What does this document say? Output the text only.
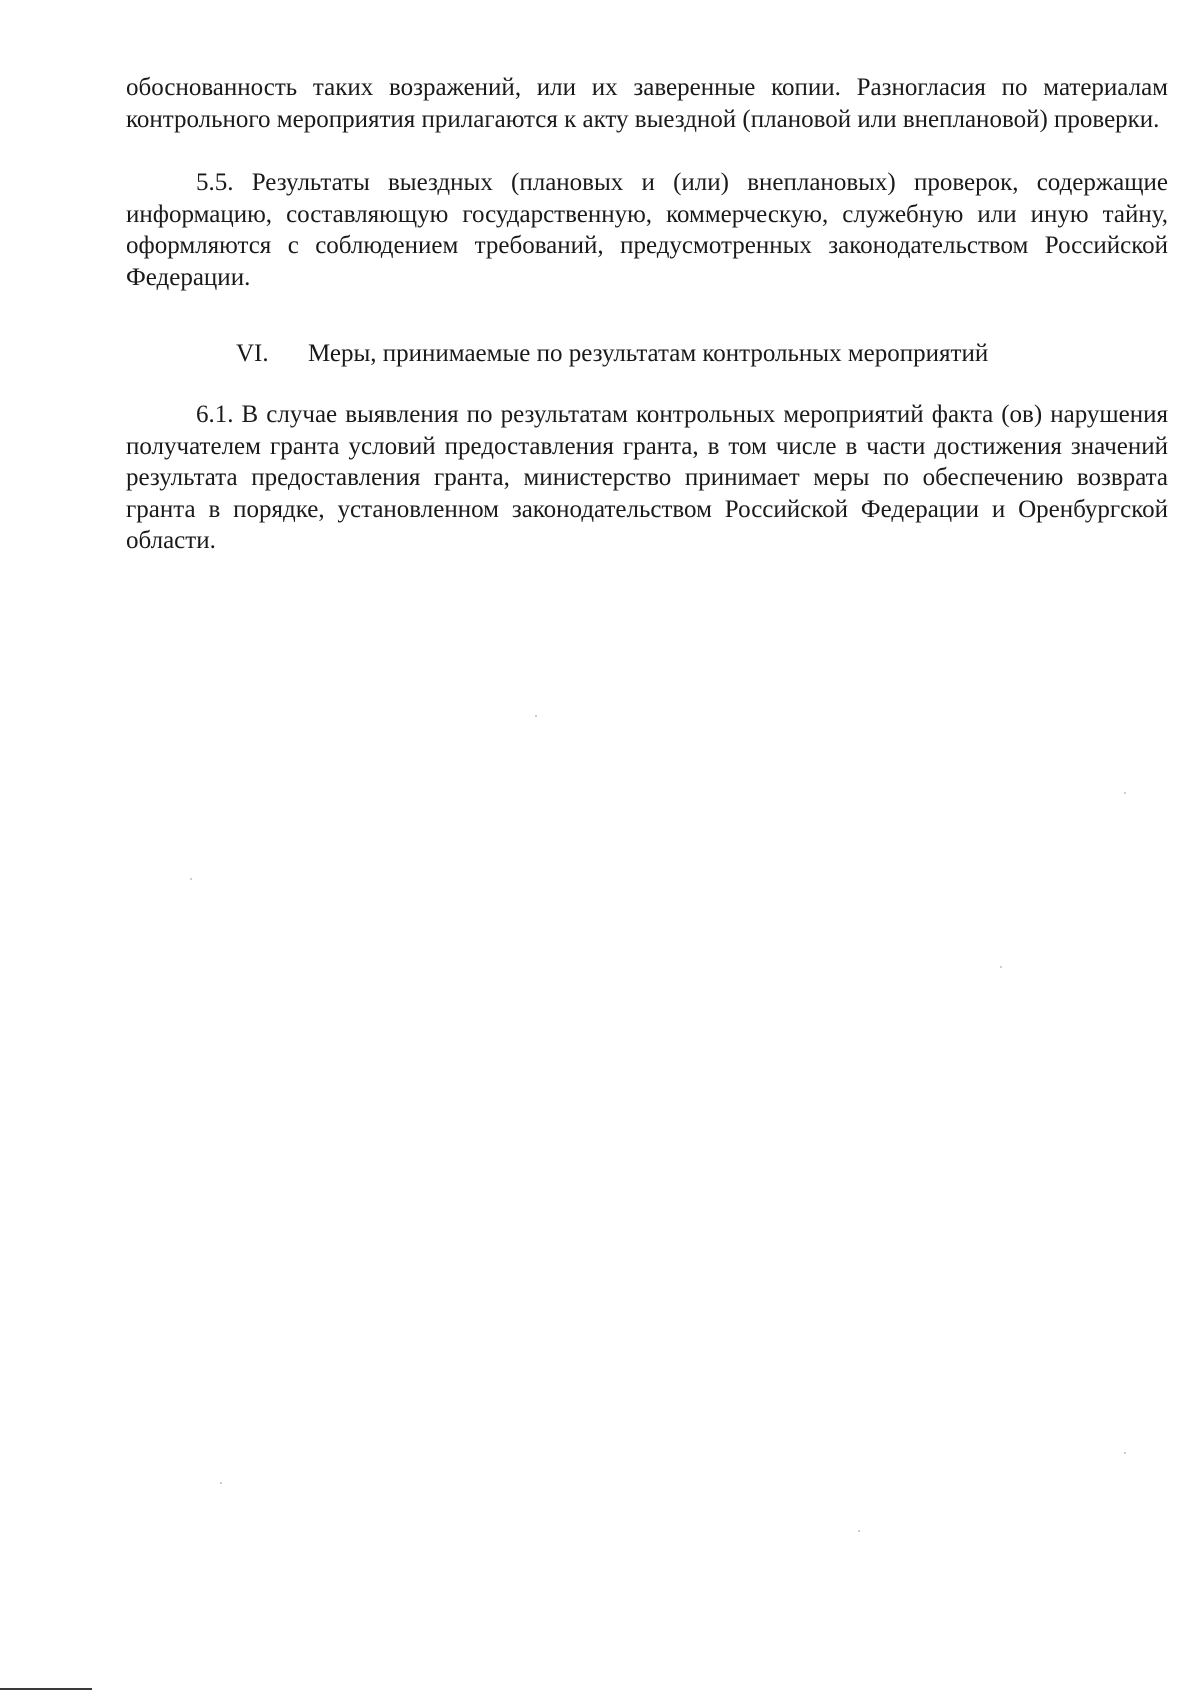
обоснованность таких возражений, или их заверенные копии. Разногласия по материалам контрольного мероприятия прилагаются к акту выездной (плановой или внеплановой) проверки.

5.5. Результаты выездных (плановых и (или) внеплановых) проверок, содержащие информацию, составляющую государственную, коммерческую, служебную или иную тайну, оформляются с соблюдением требований, предусмотренных законодательством Российской Федерации.

VI. Меры, принимаемые по результатам контрольных мероприятий

6.1. В случае выявления по результатам контрольных мероприятий факта (ов) нарушения получателем гранта условий предоставления гранта, в том числе в части достижения значений результата предоставления гранта, министерство принимает меры по обеспечению возврата гранта в порядке, установленном законодательством Российской Федерации и Оренбургской области.
